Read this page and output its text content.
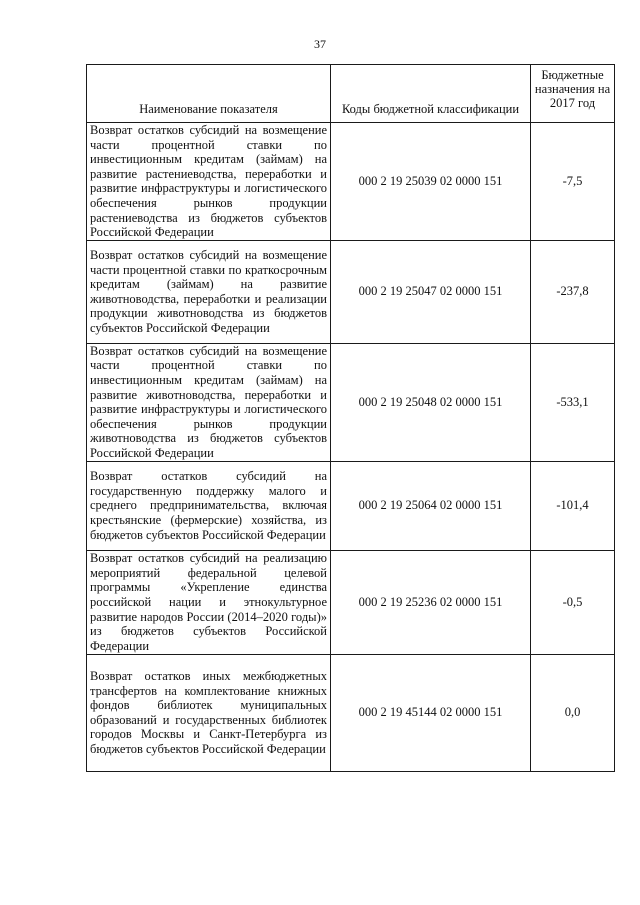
37
Наименование показателя	Коды бюджетной классификации	Бюджетные назначения на 2017 год
Возврат остатков субсидий на возмещение части процентной ставки по инвестиционным кредитам (займам) на развитие растениеводства, переработки и развитие инфраструктуры и логистического обеспечения рынков продукции растениеводства из бюджетов субъектов Российской Федерации	000 2 19 25039 02 0000 151	-7,5
Возврат остатков субсидий на возмещение части процентной ставки по краткосрочным кредитам (займам) на развитие животноводства, переработки и реализации продукции животноводства из бюджетов субъектов Российской Федерации	000 2 19 25047 02 0000 151	-237,8
Возврат остатков субсидий на возмещение части процентной ставки по инвестиционным кредитам (займам) на развитие животноводства, переработки и развитие инфраструктуры и логистического обеспечения рынков продукции животноводства из бюджетов субъектов Российской Федерации	000 2 19 25048 02 0000 151	-533,1
Возврат остатков субсидий на государственную поддержку малого и среднего предпринимательства, включая крестьянские (фермерские) хозяйства, из бюджетов субъектов Российской Федерации	000 2 19 25064 02 0000 151	-101,4
Возврат остатков субсидий на реализацию мероприятий федеральной целевой программы «Укрепление единства российской нации и этнокультурное развитие народов России (2014–2020 годы)» из бюджетов субъектов Российской Федерации	000 2 19 25236 02 0000 151	-0,5
Возврат остатков иных межбюджетных трансфертов на комплектование книжных фондов библиотек муниципальных образований и государственных библиотек городов Москвы и Санкт-Петербурга из бюджетов субъектов Российской Федерации	000 2 19 45144 02 0000 151	0,0
